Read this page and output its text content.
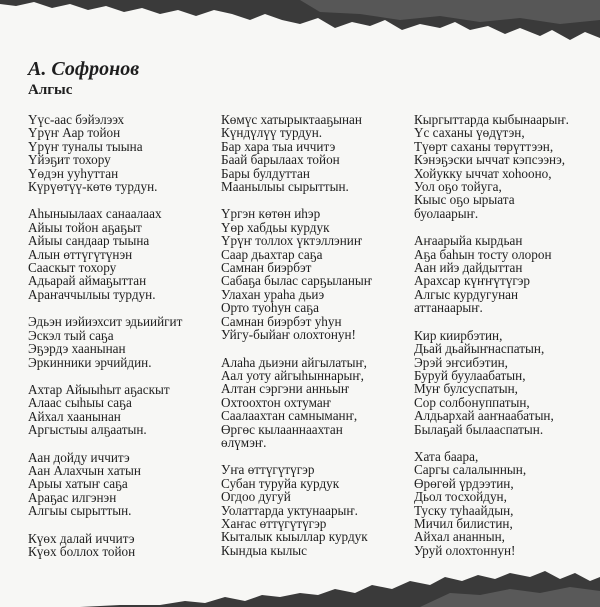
А. Софронов
Алгыс
Үүс-аас бэйэлээх
Үрүҥ Аар тойон
Үрүҥ туналы тыына
Үйэҕит тохору
Үөдэн ууһуттан
Күрүөтүү-көтө турдун.
Аһыныылаах санаалаах
Айыы тойон аҕаҕыт
Айыы сандаар тыына
Алын өттүгүтүнэн
Сааскыт тохору
Адьарай аймаҕыттан
Араҥаччылыы турдун.
Эдьэн иэйиэхсит эдьиийгит
Эскэл тый саҕа
Эҕэрдэ хаанынан
Эркинники эрчийдин.
Ахтар Айыыһыт аҕаскыт
Алаас сыһыы саҕа
Айхал хаанынан
Аргыстыы алҕаатын.
Аан дойду иччитэ
Аан Алахчын хатын
Арыы хатыҥ саҕа
Араҕас илгэнэн
Алгыы сырыттын.
Күөх далай иччитэ
Күөх боллох тойон
Көмүс хатырыктааҕынан
Күндүлүү турдун.
Бар хара тыа иччитэ
Баай барылаах тойон
Бары булдуттан
Маанылыы сырыттын.
Үргэн көтөн иһэр
Үөр хабдьы курдук
Үрүҥ толлох үктэллэниҥ
Саар дьахтар саҕа
Самнан биэрбэт
Сабаҕа былас сарҕыланыҥ
Улахан ураһа дьиэ
Орто туоһун саҕа
Самнан биэрбэт уһун
Уйгу-быйаҥ олохтонун!
Алаһа дьиэни айгылатыҥ,
Аал уоту айгыһыннарыҥ,
Алтан сэргэни анньыҥ
Охтоохтон охтумаҥ
Саалаахтан самныманҥ,
Өргөс кылааннаахтан
өлүмэҥ.
Уҥа өттүгүтүгэр
Субан туруйа курдук
Огдоо дугуй
Уолаттарда уктунаарыҥ.
Хаҥас өттүгүтүгэр
Кыталык кыыллар курдук
Кындыа кылыс
Кыргыттарда кыбынаарыҥ.
Үс саханы үөдүтэн,
Түөрт саханы төрүттээн,
Кэнэҕэски ыччат кэпсээнэ,
Хойукку ыччат хоһооно,
Уол оҕо тойуга,
Кыыс оҕо ырыата
буолаарыҥ.
Аҥаарыйа кырдьан
Аҕа баһын тосту олорон
Аан ийэ дайдыттан
Арахсар күҥҥүтүгэр
Алгыс курдугунан
аттанаарыҥ.
Кир киирбэтин,
Дьай дьайыҥнаспатын,
Эрэй эҥсибэтин,
Буруй буулаабатын,
Муҥ булсуспатын,
Сор солбонуппатын,
Алдьархай ааҥнаабатын,
Былаҕай былааспатын.
Хата баара,
Саргы салалыннын,
Өрөгөй үрдээтин,
Дьол тосхойдун,
Туску туһаайдын,
Мичил билистин,
Айхал ананнын,
Уруй олохтоннун!
